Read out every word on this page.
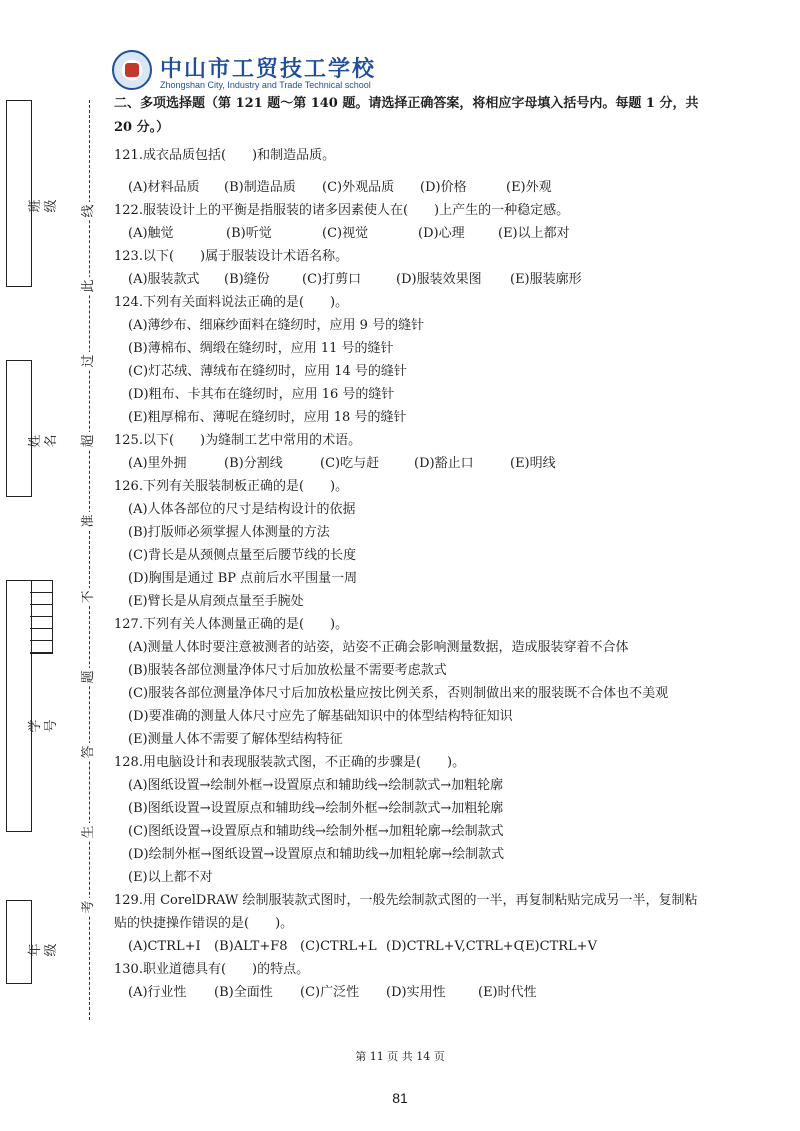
班　级
姓　名
学　号
年　级
线
此
过
超
准
不
题
答
生
考
中山市工贸技工学校
Zhongshan City, Industry and Trade Technical school
二、多项选择题（第 121 题～第 140 题。请选择正确答案，将相应字母填入括号内。每题 1 分，共 20 分。）
121.成衣品质包括(　　)和制造品质。
(A)材料品质	(B)制造品质	(C)外观品质	(D)价格	(E)外观
122.服装设计上的平衡是指服装的诸多因素使人在(　　)上产生的一种稳定感。
(A)触觉	(B)听觉	(C)视觉	(D)心理	(E)以上都对
123.以下(　　)属于服装设计术语名称。
(A)服装款式	(B)缝份	(C)打剪口	(D)服装效果图	(E)服装廓形
124.下列有关面料说法正确的是(　　)。
(A)薄纱布、细麻纱面料在缝纫时，应用 9 号的缝针
(B)薄棉布、绸缎在缝纫时，应用 11 号的缝针
(C)灯芯绒、薄绒布在缝纫时，应用 14 号的缝针
(D)粗布、卡其布在缝纫时，应用 16 号的缝针
(E)粗厚棉布、薄呢在缝纫时，应用 18 号的缝针
125.以下(　　)为缝制工艺中常用的术语。
(A)里外拥	(B)分割线	(C)吃与赶	(D)豁止口	(E)明线
126.下列有关服装制板正确的是(　　)。
(A)人体各部位的尺寸是结构设计的依据
(B)打版师必须掌握人体测量的方法
(C)背长是从颈侧点量至后腰节线的长度
(D)胸围是通过 BP 点前后水平围量一周
(E)臂长是从肩颈点量至手腕处
127.下列有关人体测量正确的是(　　)。
(A)测量人体时要注意被测者的站姿，站姿不正确会影响测量数据，造成服装穿着不合体
(B)服装各部位测量净体尺寸后加放松量不需要考虑款式
(C)服装各部位测量净体尺寸后加放松量应按比例关系，否则制做出来的服装既不合体也不美观
(D)要准确的测量人体尺寸应先了解基础知识中的体型结构特征知识
(E)测量人体不需要了解体型结构特征
128.用电脑设计和表现服装款式图，不正确的步骤是(　　)。
(A)图纸设置→绘制外框→设置原点和辅助线→绘制款式→加粗轮廓
(B)图纸设置→设置原点和辅助线→绘制外框→绘制款式→加粗轮廓
(C)图纸设置→设置原点和辅助线→绘制外框→加粗轮廓→绘制款式
(D)绘制外框→图纸设置→设置原点和辅助线→加粗轮廓→绘制款式
(E)以上都不对
129.用 CorelDRAW 绘制服装款式图时，一般先绘制款式图的一半，再复制粘贴完成另一半，复制粘贴的快捷操作错误的是(　　)。
(A)CTRL+I	(B)ALT+F8 (C)CTRL+L (D)CTRL+V,CTRL+C
(E)CTRL+V
130.职业道德具有(　　)的特点。
(A)行业性	(B)全面性	(C)广泛性	(D)实用性	(E)时代性
第 11 页 共 14 页
81
